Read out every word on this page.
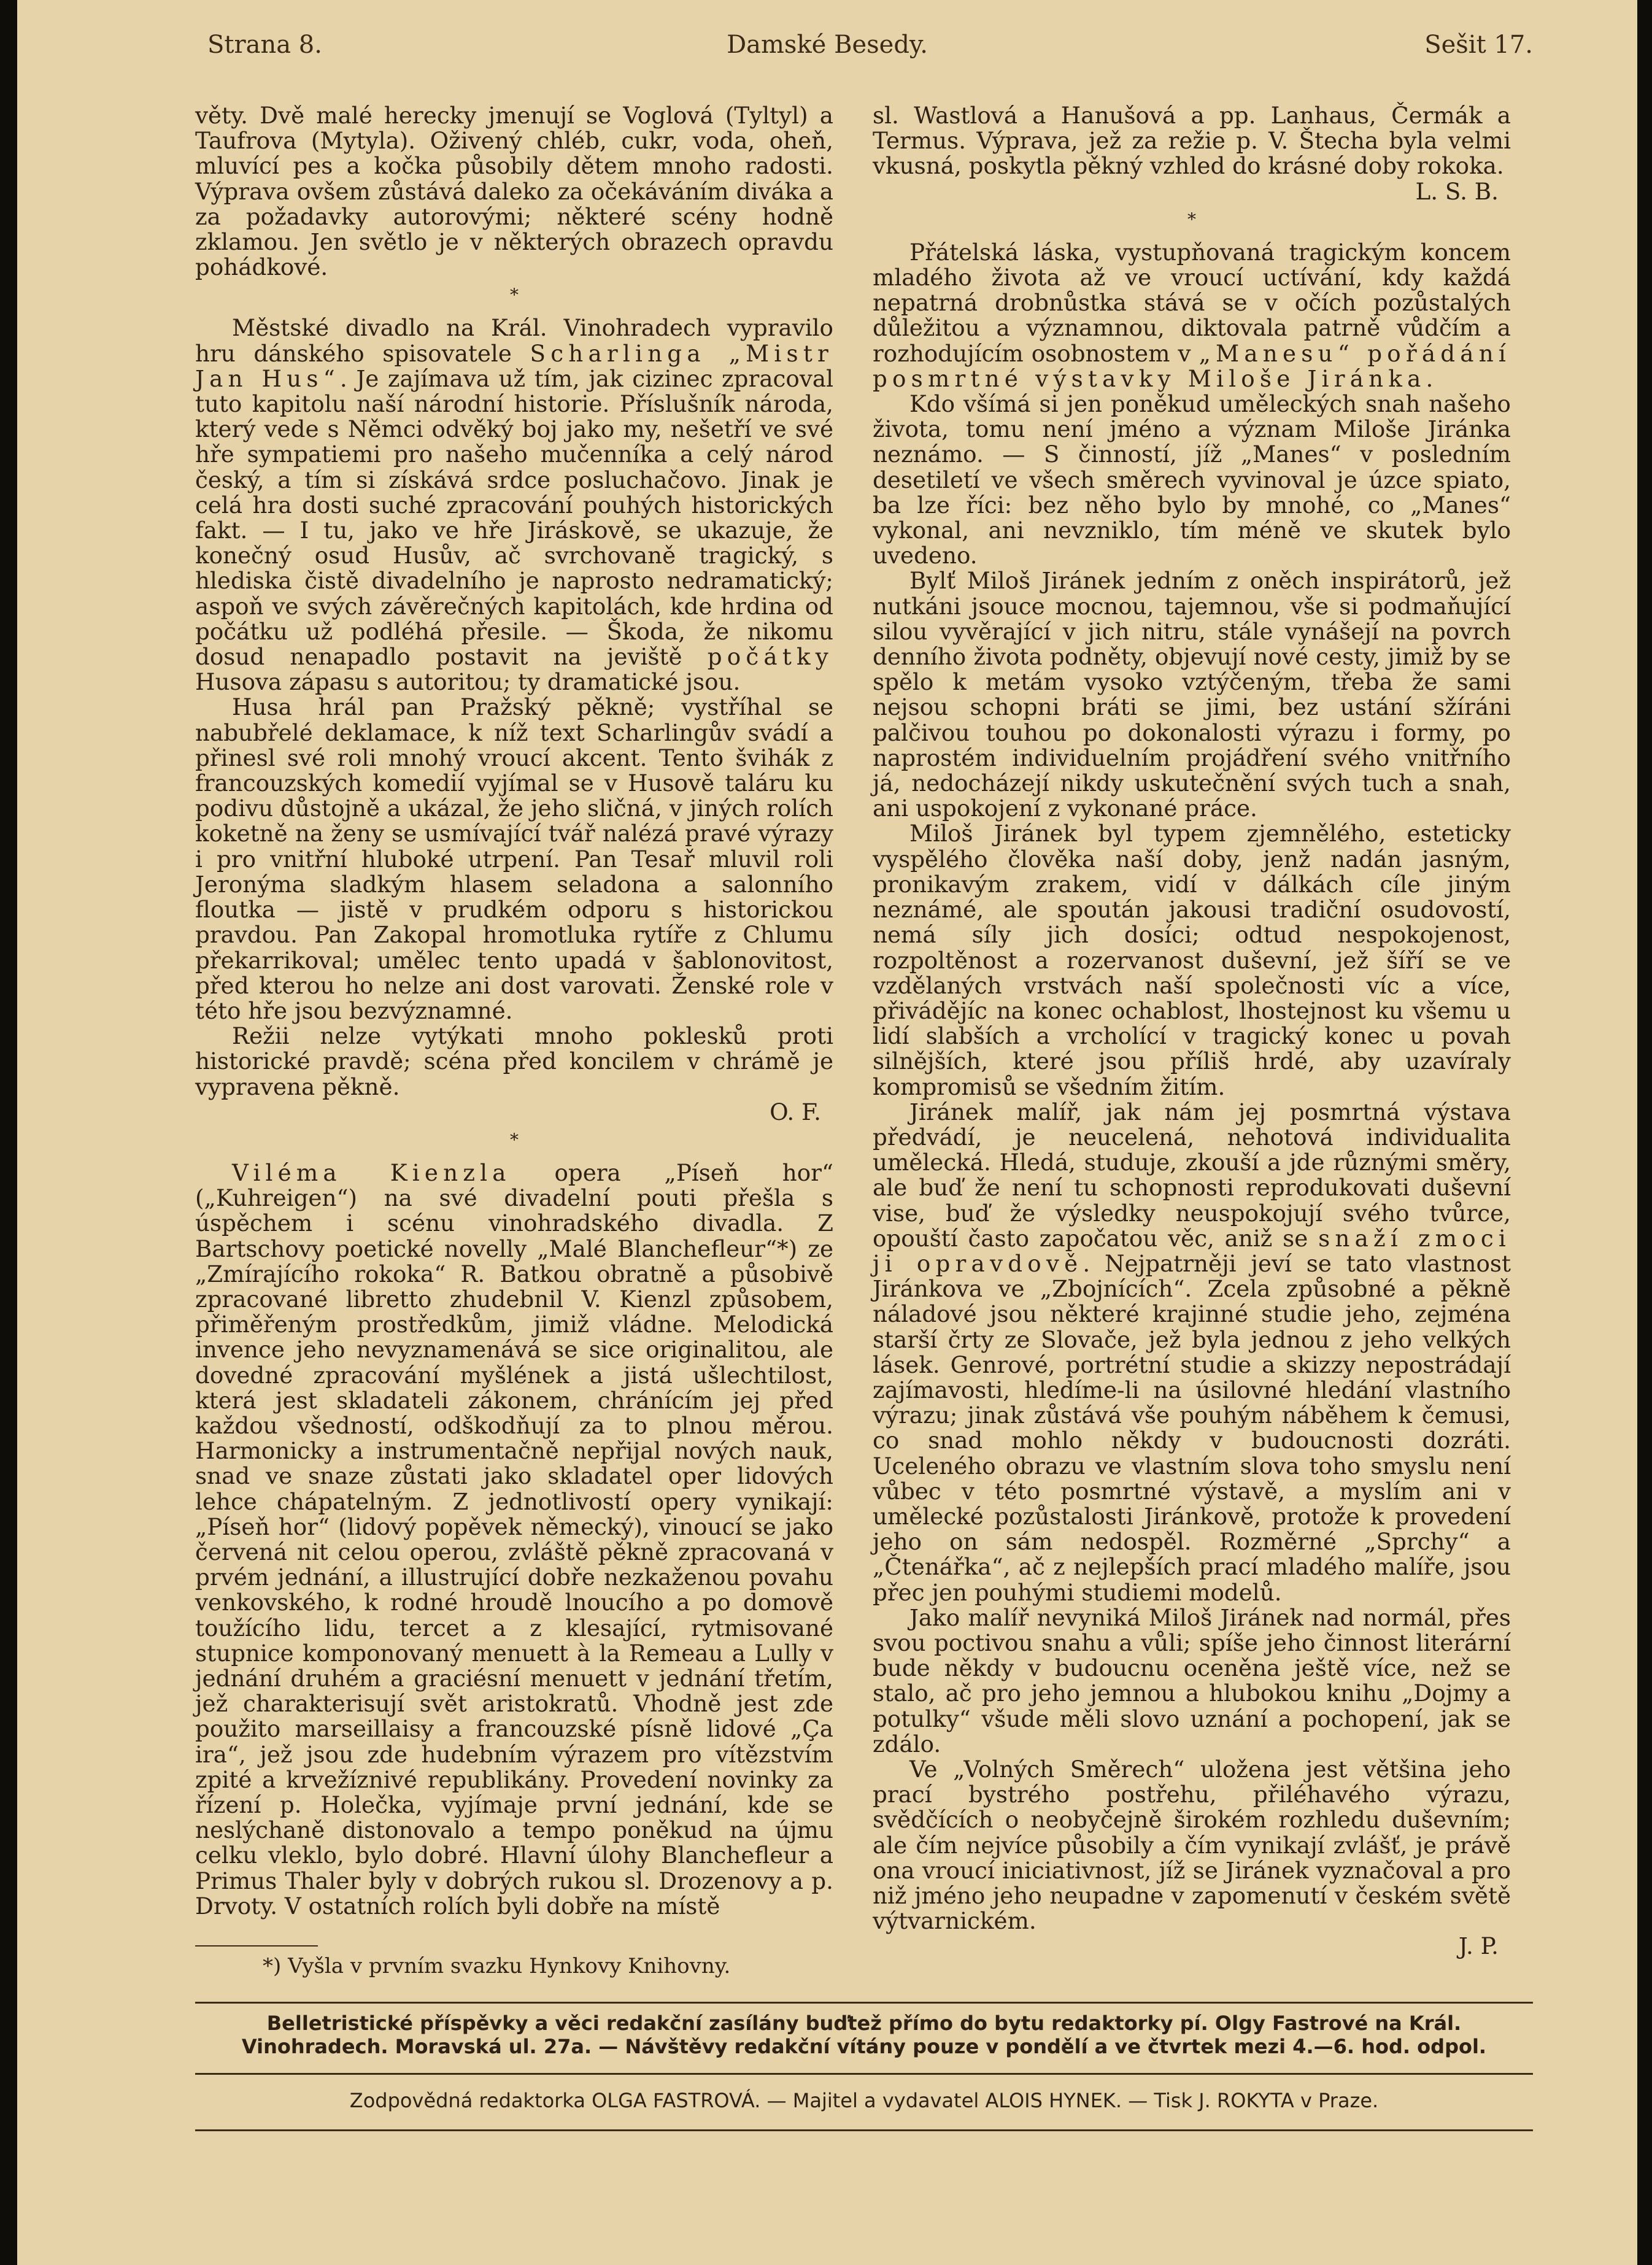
Strana 8.	Damské Besedy.	Sešit 17.

věty. Dvě malé herecky jmenují se Voglová (Tyltyl) a Taufrova (Mytyla). Oživený chléb, cukr, voda, oheň, mluvící pes a kočka působily dětem mnoho radosti. Výprava ovšem zůstává daleko za očekáváním diváka a za požadavky autorovými; některé scény hodně zklamou. Jen světlo je v některých obrazech opravdu pohádkové.

*

Městské divadlo na Král. Vinohradech vypravilo hru dánského spisovatele Scharlinga „Mistr Jan Hus“. Je zajímava už tím, jak cizinec zpracoval tuto kapitolu naší národní historie. Příslušník národa, který vede s Němci odvěký boj jako my, nešetří ve své hře sympatiemi pro našeho mučenníka a celý národ český, a tím si získává srdce posluchačovo. Jinak je celá hra dosti suché zpracování pouhých historických fakt. — I tu, jako ve hře Jiráskově, se ukazuje, že konečný osud Husův, ač svrchovaně tragický, s hlediska čistě divadelního je naprosto nedramatický; aspoň ve svých závěrečných kapitolách, kde hrdina od počátku už podléhá přesile. — Škoda, že nikomu dosud nenapadlo postavit na jeviště počátky Husova zápasu s autoritou; ty dramatické jsou.

Husa hrál pan Pražský pěkně; vystříhal se nabubřelé deklamace, k níž text Scharlingův svádí a přinesl své roli mnohý vroucí akcent. Tento švihák z francouzských komedií vyjímal se v Husově taláru ku podivu důstojně a ukázal, že jeho sličná, v jiných rolích koketně na ženy se usmívající tvář nalézá pravé výrazy i pro vnitřní hluboké utrpení. Pan Tesař mluvil roli Jeronýma sladkým hlasem seladona a salonního floutka — jistě v prudkém odporu s historickou pravdou. Pan Zakopal hromotluka rytíře z Chlumu překarrikoval; umělec tento upadá v šablonovitost, před kterou ho nelze ani dost varovati. Ženské role v této hře jsou bezvýznamné.

Režii nelze vytýkati mnoho poklesků proti historické pravdě; scéna před koncilem v chrámě je vypravena pěkně.

O. F.

*

Viléma Kienzla opera „Píseň hor“ („Kuhreigen“) na své divadelní pouti přešla s úspěchem i scénu vinohradského divadla. Z Bartschovy poetické novelly „Malé Blanchefleur“*) ze „Zmírajícího rokoka“ R. Batkou obratně a působivě zpracované libretto zhudebnil V. Kienzl způsobem, přiměřeným prostředkům, jimiž vládne. Melodická invence jeho nevyznamenává se sice originalitou, ale dovedné zpracování myšlének a jistá ušlechtilost, která jest skladateli zákonem, chránícím jej před každou všedností, odškodňují za to plnou měrou. Harmonicky a instrumentačně nepřijal nových nauk, snad ve snaze zůstati jako skladatel oper lidových lehce chápatelným. Z jednotlivostí opery vynikají: „Píseň hor“ (lidový popěvek německý), vinoucí se jako červená nit celou operou, zvláště pěkně zpracovaná v prvém jednání, a illustrující dobře nezkaženou povahu venkovského, k rodné hroudě lnoucího a po domově toužícího lidu, tercet a z klesající, rytmisované stupnice komponovaný menuett à la Remeau a Lully v jednání druhém a graciésní menuett v jednání třetím, jež charakterisují svět aristokratů. Vhodně jest zde použito marseillaisy a francouzské písně lidové „Ça ira“, jež jsou zde hudebním výrazem pro vítězstvím zpité a krvežíznivé republikány. Provedení novinky za řízení p. Holečka, vyjímaje první jednání, kde se neslýchaně distonovalo a tempo poněkud na újmu celku vleklo, bylo dobré. Hlavní úlohy Blanchefleur a Primus Thaler byly v dobrých rukou sl. Drozenovy a p. Drvoty. V ostatních rolích byli dobře na místě

*) Vyšla v prvním svazku Hynkovy Knihovny.

sl. Wastlová a Hanušová a pp. Lanhaus, Čermák a Termus. Výprava, jež za režie p. V. Štecha byla velmi vkusná, poskytla pěkný vzhled do krásné doby rokoka.

L. S. B.

*

Přátelská láska, vystupňovaná tragickým koncem mladého života až ve vroucí uctívání, kdy každá nepatrná drobnůstka stává se v očích pozůstalých důležitou a významnou, diktovala patrně vůdčím a rozhodujícím osobnostem v „Manesu“ pořádání posmrtné výstavky Miloše Jiránka.

Kdo všímá si jen poněkud uměleckých snah našeho života, tomu není jméno a význam Miloše Jiránka neznámo. — S činností, jíž „Manes“ v posledním desetiletí ve všech směrech vyvinoval je úzce spiato, ba lze říci: bez něho bylo by mnohé, co „Manes“ vykonal, ani nevzniklo, tím méně ve skutek bylo uvedeno.

Bylť Miloš Jiránek jedním z oněch inspirátorů, jež nutkáni jsouce mocnou, tajemnou, vše si podmaňující silou vyvěrající v jich nitru, stále vynášejí na povrch denního života podněty, objevují nové cesty, jimiž by se spělo k metám vysoko vztýčeným, třeba že sami nejsou schopni bráti se jimi, bez ustání sžíráni palčivou touhou po dokonalosti výrazu i formy, po naprostém individuelním projádření svého vnitřního já, nedocházejí nikdy uskutečnění svých tuch a snah, ani uspokojení z vykonané práce.

Miloš Jiránek byl typem zjemnělého, esteticky vyspělého člověka naší doby, jenž nadán jasným, pronikavým zrakem, vidí v dálkách cíle jiným neznámé, ale spoután jakousi tradiční osudovostí, nemá síly jich dosíci; odtud nespokojenost, rozpoltěnost a rozervanost duševní, jež šíří se ve vzdělaných vrstvách naší společnosti víc a více, přivádějíc na konec ochablost, lhostejnost ku všemu u lidí slabších a vrcholící v tragický konec u povah silnějších, které jsou příliš hrdé, aby uzavíraly kompromisů se všedním žitím.

Jiránek malíř, jak nám jej posmrtná výstava předvádí, je neucelená, nehotová individualita umělecká. Hledá, studuje, zkouší a jde různými směry, ale buď že není tu schopnosti reprodukovati duševní vise, buď že výsledky neuspokojují svého tvůrce, opouští často započatou věc, aniž se snaží zmoci ji opravdově. Nejpatrněji jeví se tato vlastnost Jiránkova ve „Zbojnících“. Zcela způsobné a pěkně náladové jsou některé krajinné studie jeho, zejména starší črty ze Slovače, jež byla jednou z jeho velkých lásek. Genrové, portrétní studie a skizzy nepostrádají zajímavosti, hledíme-li na úsilovné hledání vlastního výrazu; jinak zůstává vše pouhým náběhem k čemusi, co snad mohlo někdy v budoucnosti dozráti. Uceleného obrazu ve vlastním slova toho smyslu není vůbec v této posmrtné výstavě, a myslím ani v umělecké pozůstalosti Jiránkově, protože k provedení jeho on sám nedospěl. Rozměrné „Sprchy“ a „Čtenářka“, ač z nejlepších prací mladého malíře, jsou přec jen pouhými studiemi modelů.

Jako malíř nevyniká Miloš Jiránek nad normál, přes svou poctivou snahu a vůli; spíše jeho činnost literární bude někdy v budoucnu oceněna ještě více, než se stalo, ač pro jeho jemnou a hlubokou knihu „Dojmy a potulky“ všude měli slovo uznání a pochopení, jak se zdálo.

Ve „Volných Směrech“ uložena jest většina jeho prací bystrého postřehu, přiléhavého výrazu, svědčících o neobyčejně širokém rozhledu duševním; ale čím nejvíce působily a čím vynikají zvlášť, je právě ona vroucí iniciativnost, jíž se Jiránek vyznačoval a pro niž jméno jeho neupadne v zapomenutí v českém světě výtvarnickém.

J. P.

Belletristické příspěvky a věci redakční zasílány buďtež přímo do bytu redaktorky pí. Olgy Fastrové na Král. Vinohradech. Moravská ul. 27a. — Návštěvy redakční vítány pouze v pondělí a ve čtvrtek mezi 4.—6. hod. odpol.
Zodpovědná redaktorka OLGA FASTROVÁ. — Majitel a vydavatel ALOIS HYNEK. — Tisk J. ROKYTA v Praze.
